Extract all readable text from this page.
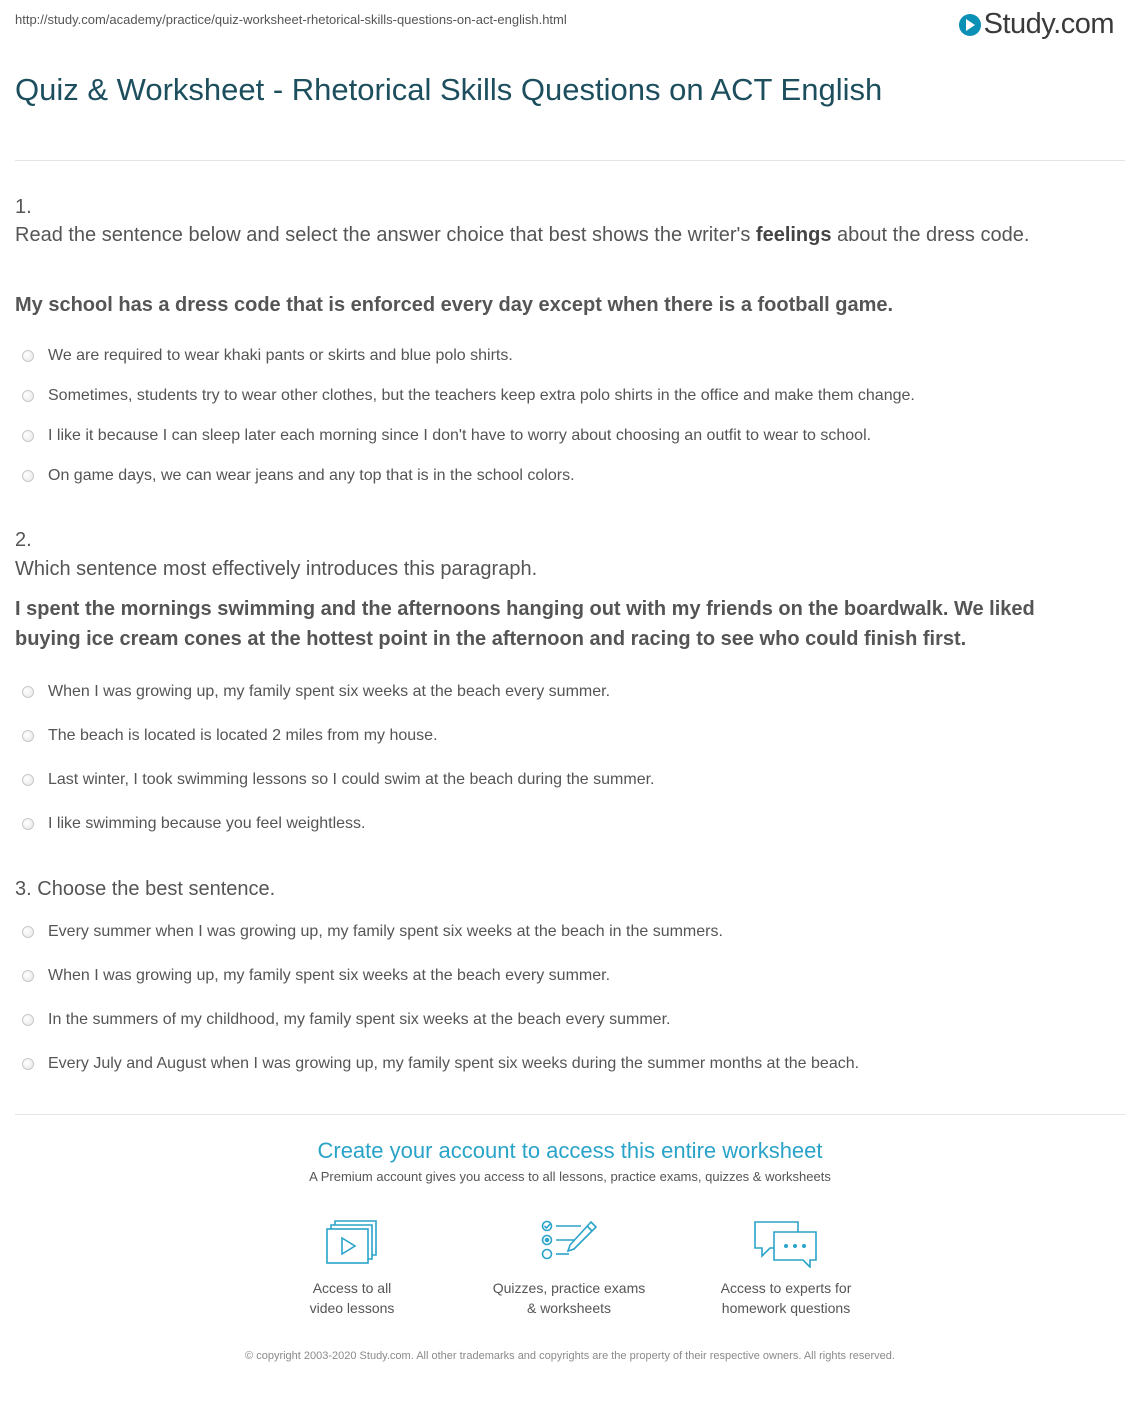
http://study.com/academy/practice/quiz-worksheet-rhetorical-skills-questions-on-act-english.html	Study.com
Quiz & Worksheet - Rhetorical Skills Questions on ACT English
1.
Read the sentence below and select the answer choice that best shows the writer's feelings about the dress code.
My school has a dress code that is enforced every day except when there is a football game.
We are required to wear khaki pants or skirts and blue polo shirts.
Sometimes, students try to wear other clothes, but the teachers keep extra polo shirts in the office and make them change.
I like it because I can sleep later each morning since I don't have to worry about choosing an outfit to wear to school.
On game days, we can wear jeans and any top that is in the school colors.
2.
Which sentence most effectively introduces this paragraph.
I spent the mornings swimming and the afternoons hanging out with my friends on the boardwalk. We liked buying ice cream cones at the hottest point in the afternoon and racing to see who could finish first.
When I was growing up, my family spent six weeks at the beach every summer.
The beach is located is located 2 miles from my house.
Last winter, I took swimming lessons so I could swim at the beach during the summer.
I like swimming because you feel weightless.
3. Choose the best sentence.
Every summer when I was growing up, my family spent six weeks at the beach in the summers.
When I was growing up, my family spent six weeks at the beach every summer.
In the summers of my childhood, my family spent six weeks at the beach every summer.
Every July and August when I was growing up, my family spent six weeks during the summer months at the beach.
Create your account to access this entire worksheet
A Premium account gives you access to all lessons, practice exams, quizzes & worksheets
Access to all
video lessons
Quizzes, practice exams
& worksheets
Access to experts for
homework questions
© copyright 2003-2020 Study.com. All other trademarks and copyrights are the property of their respective owners. All rights reserved.
